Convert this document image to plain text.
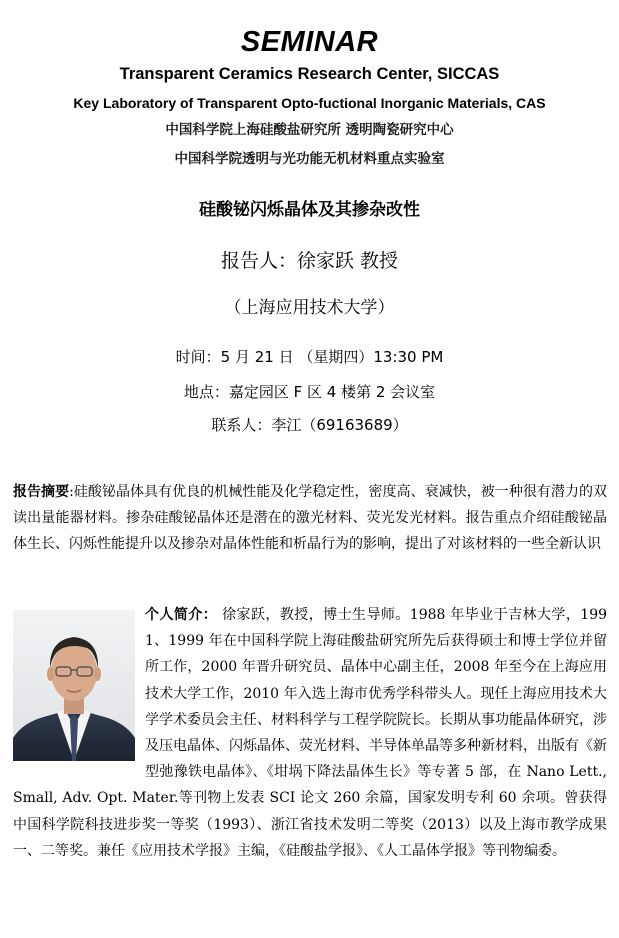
SEMINAR
Transparent Ceramics Research Center, SICCAS
Key Laboratory of Transparent Opto-fuctional Inorganic Materials, CAS
中国科学院上海硅酸盐研究所 透明陶瓷研究中心
中国科学院透明与光功能无机材料重点实验室
硅酸铋闪烁晶体及其掺杂改性
报告人：徐家跃 教授
（上海应用技术大学）
时间：5 月 21 日 （星期四）13:30 PM
地点：嘉定园区 F 区 4 楼第 2 会议室
联系人：李江（69163689）

报告摘要:硅酸铋晶体具有优良的机械性能及化学稳定性，密度高、衰减快，被一种很有潜力的双读出量能器材料。掺杂硅酸铋晶体还是潜在的激光材料、荧光发光材料。报告重点介绍硅酸铋晶体生长、闪烁性能提升以及掺杂对晶体性能和析晶行为的影响，提出了对该材料的一些全新认识

个人简介： 徐家跃，教授，博士生导师。1988 年毕业于吉林大学，1991、1999 年在中国科学院上海硅酸盐研究所先后获得硕士和博士学位并留所工作，2000 年晋升研究员、晶体中心副主任，2008 年至今在上海应用技术大学工作，2010 年入选上海市优秀学科带头人。现任上海应用技术大学学术委员会主任、材料科学与工程学院院长。长期从事功能晶体研究，涉及压电晶体、闪烁晶体、荧光材料、半导体单晶等多种新材料，出版有《新型弛豫铁电晶体》、《坩埚下降法晶体生长》等专著 5 部，在 Nano Lett., Small, Adv. Opt. Mater.等刊物上发表 SCI 论文 260 余篇，国家发明专利 60 余项。曾获得中国科学院科技进步奖一等奖（1993）、浙江省技术发明二等奖（2013）以及上海市教学成果一、二等奖。兼任《应用技术学报》主编，《硅酸盐学报》、《人工晶体学报》等刊物编委。
